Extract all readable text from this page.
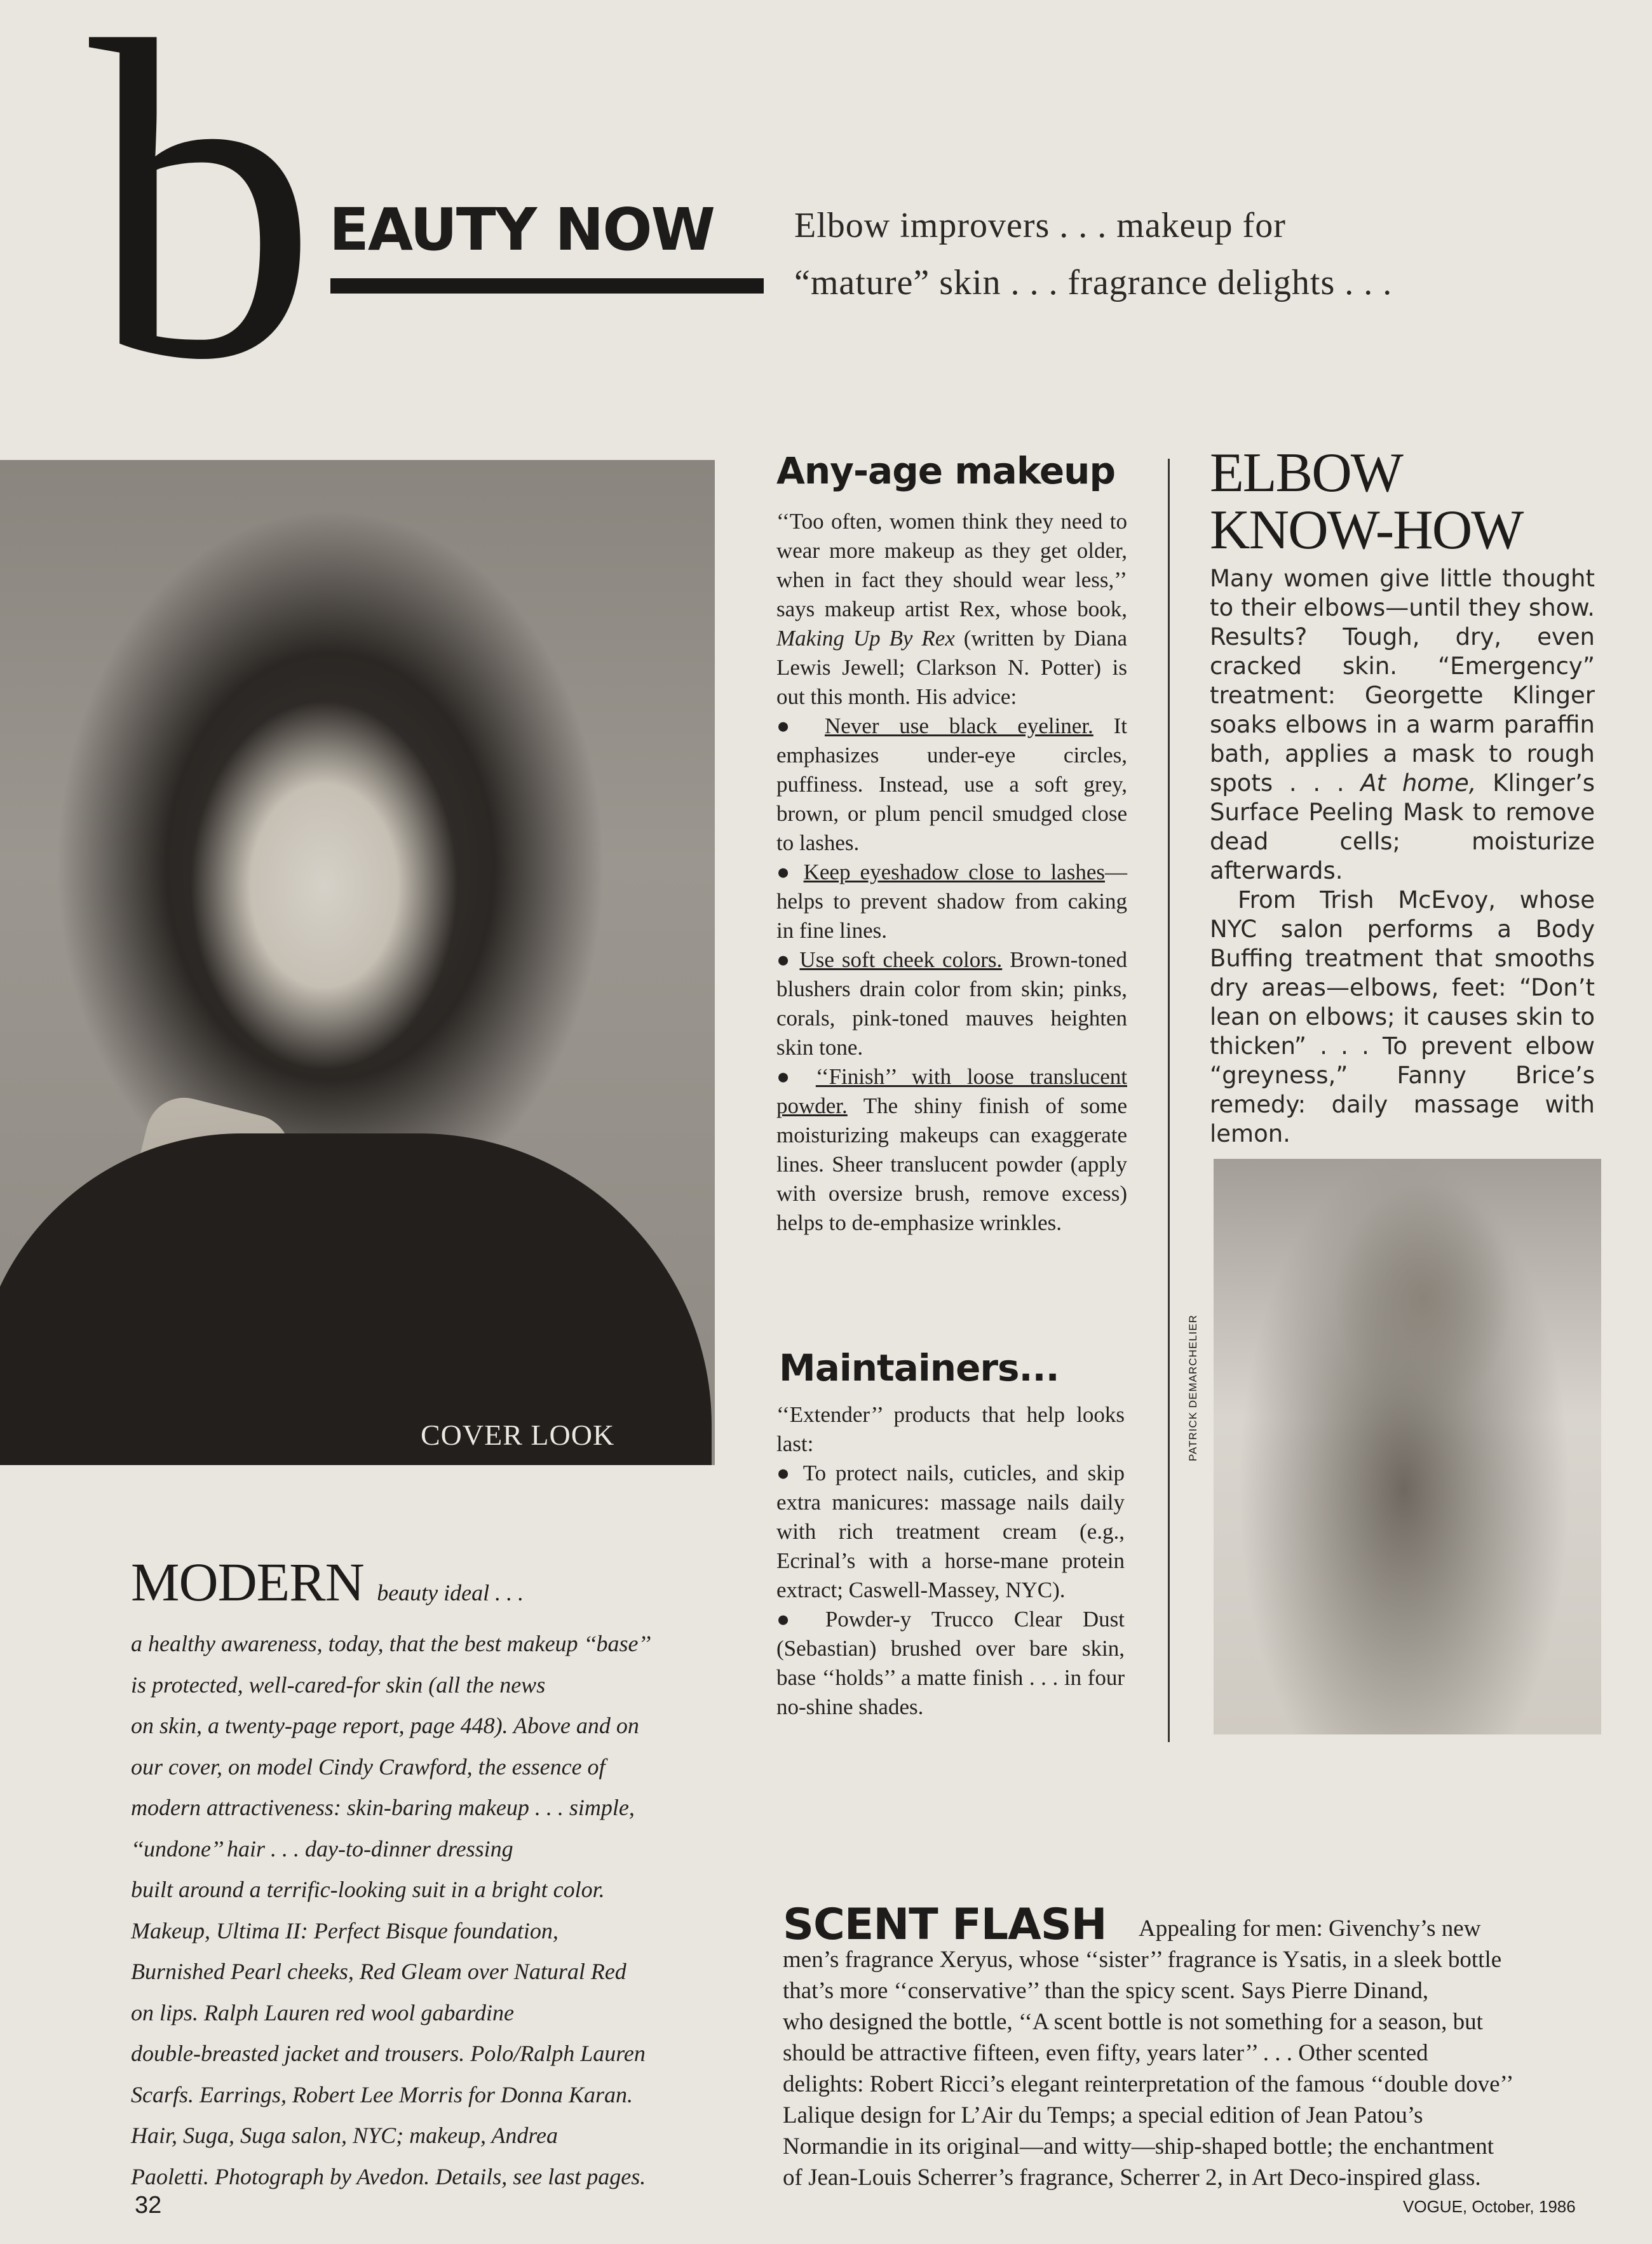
b EAUTY NOW	Elbow improvers . . . makeup for
“mature” skin . . . fragrance delights . . .
COVER LOOK
Any-age makeup

‘‘Too often, women think they need to wear more makeup as they get older, when in fact they should wear less,’’ says makeup artist Rex, whose book, Making Up By Rex (written by Diana Lewis Jewell; Clarkson N. Potter) is out this month. His advice:

● Never use black eyeliner. It emphasizes under-eye circles, puffiness. Instead, use a soft grey, brown, or plum pencil smudged close to lashes.

● Keep eyeshadow close to lashes—helps to prevent shadow from caking in fine lines.

● Use soft cheek colors. Brown-toned blushers drain color from skin; pinks, corals, pink-toned mauves heighten skin tone.

● ‘‘Finish’’ with loose translucent powder. The shiny finish of some moisturizing makeups can exaggerate lines. Sheer translucent powder (apply with oversize brush, remove excess) helps to de-emphasize wrinkles.

Maintainers...

‘‘Extender’’ products that help looks last:

● To protect nails, cuticles, and skip extra manicures: massage nails daily with rich treatment cream (e.g., Ecrinal’s with a horse-mane protein extract; Caswell-Massey, NYC).

● Powder-y Trucco Clear Dust (Sebastian) brushed over bare skin, base ‘‘holds’’ a matte finish . . . in four no-shine shades.

ELBOW
KNOW-HOW

Many women give little thought to their elbows—until they show. Results? Tough, dry, even cracked skin. “Emergency” treatment: Georgette Klinger soaks elbows in a warm paraffin bath, applies a mask to rough spots . . . At home, Klinger’s Surface Peeling Mask to remove dead cells; moisturize afterwards.

From Trish McEvoy, whose NYC salon performs a Body Buffing treatment that smooths dry areas—elbows, feet: “Don’t lean on elbows; it causes skin to thicken” . . . To prevent elbow “greyness,” Fanny Brice’s remedy: daily massage with lemon.

PATRICK DEMARCHELIER
MODERN beauty ideal . . .
a healthy awareness, today, that the best makeup ‘‘base’’
is protected, well-cared-for skin (all the news
on skin, a twenty-page report, page 448). Above and on
our cover, on model Cindy Crawford, the essence of
modern attractiveness: skin-baring makeup . . . simple,
‘‘undone’’ hair . . . day-to-dinner dressing
built around a terrific-looking suit in a bright color.
Makeup, Ultima II: Perfect Bisque foundation,
Burnished Pearl cheeks, Red Gleam over Natural Red
on lips. Ralph Lauren red wool gabardine
double-breasted jacket and trousers. Polo/Ralph Lauren
Scarfs. Earrings, Robert Lee Morris for Donna Karan.
Hair, Suga, Suga salon, NYC; makeup, Andrea
Paoletti. Photograph by Avedon. Details, see last pages.
SCENT FLASH Appealing for men: Givenchy’s new
men’s fragrance Xeryus, whose ‘‘sister’’ fragrance is Ysatis, in a sleek bottle
that’s more ‘‘conservative’’ than the spicy scent. Says Pierre Dinand,
who designed the bottle, ‘‘A scent bottle is not something for a season, but
should be attractive fifteen, even fifty, years later’’ . . . Other scented
delights: Robert Ricci’s elegant reinterpretation of the famous ‘‘double dove’’
Lalique design for L’Air du Temps; a special edition of Jean Patou’s
Normandie in its original—and witty—ship-shaped bottle; the enchantment
of Jean-Louis Scherrer’s fragrance, Scherrer 2, in Art Deco-inspired glass.
32	VOGUE, October, 1986
